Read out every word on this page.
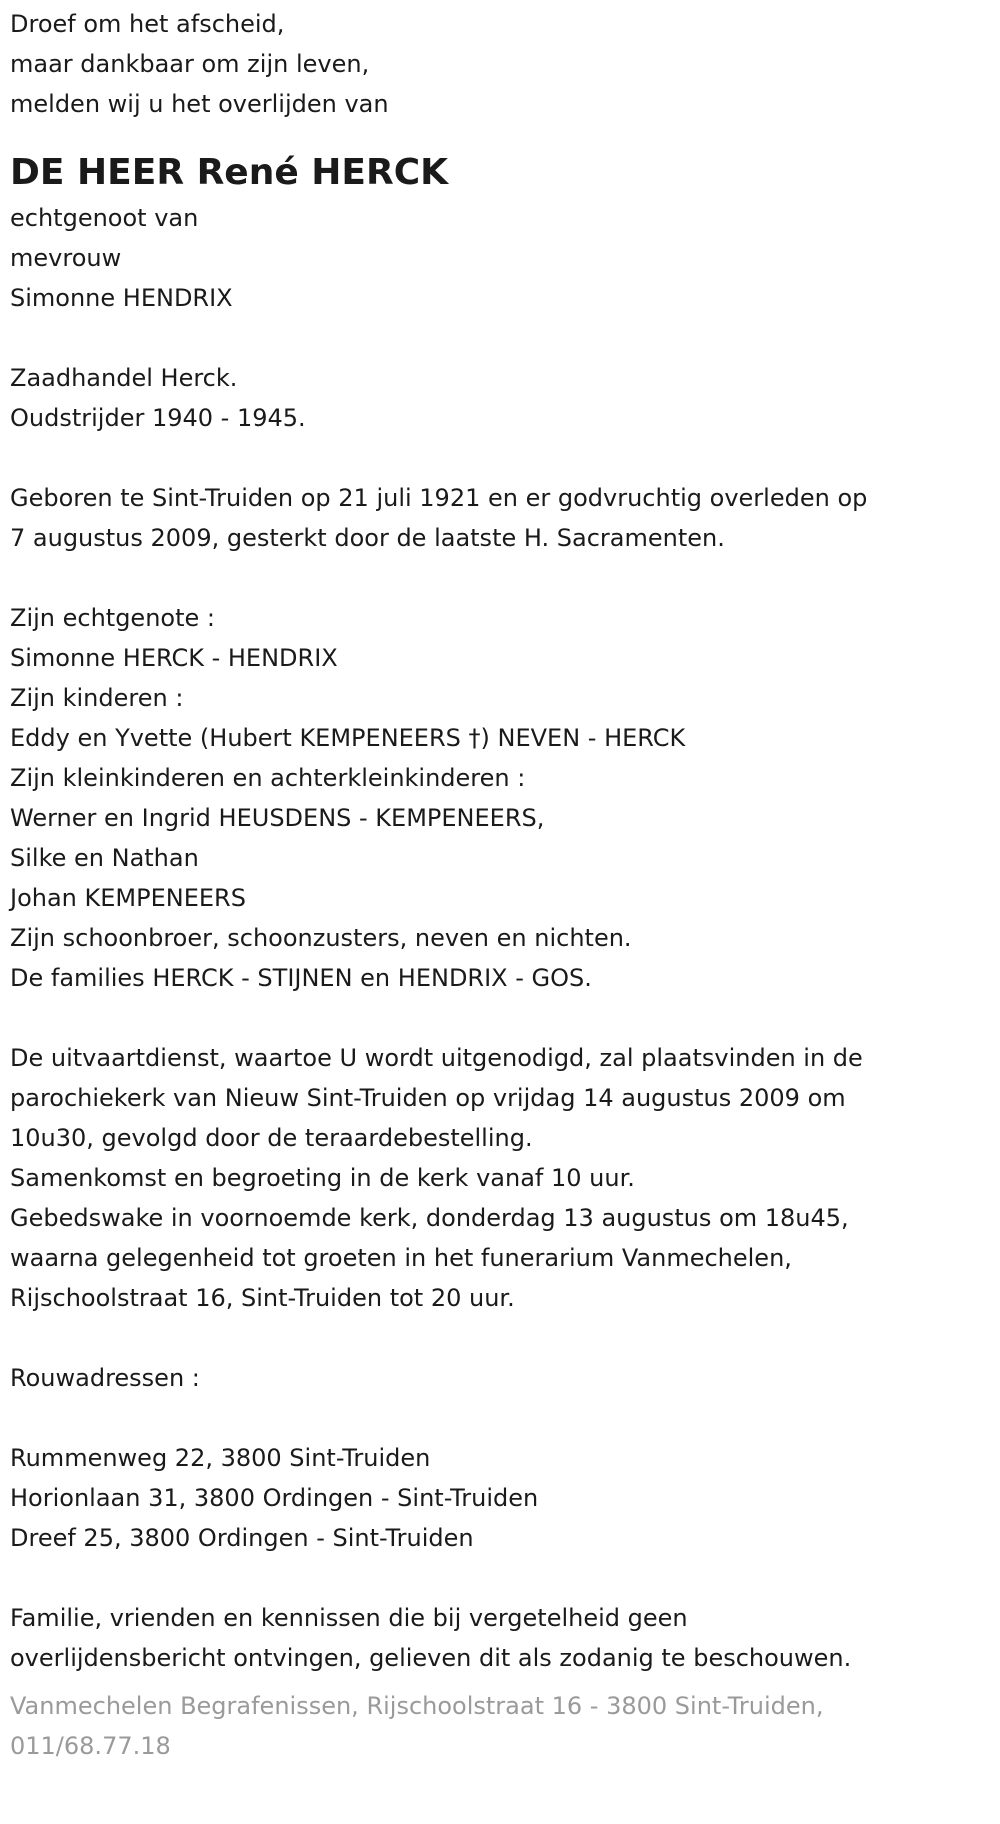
Droef om het afscheid,
maar dankbaar om zijn leven,
melden wij u het overlijden van
DE HEER René HERCK
echtgenoot van
mevrouw
Simonne HENDRIX
Zaadhandel Herck.
Oudstrijder 1940 - 1945.
Geboren te Sint-Truiden op 21 juli 1921 en er godvruchtig overleden op
7 augustus 2009, gesterkt door de laatste H. Sacramenten.
Zijn echtgenote :
Simonne HERCK - HENDRIX
Zijn kinderen :
Eddy en Yvette (Hubert KEMPENEERS †) NEVEN - HERCK
Zijn kleinkinderen en achterkleinkinderen :
Werner en Ingrid HEUSDENS - KEMPENEERS,
Silke en Nathan
Johan KEMPENEERS
Zijn schoonbroer, schoonzusters, neven en nichten.
De families HERCK - STIJNEN en HENDRIX - GOS.
De uitvaartdienst, waartoe U wordt uitgenodigd, zal plaatsvinden in de
parochiekerk van Nieuw Sint-Truiden op vrijdag 14 augustus 2009 om
10u30, gevolgd door de teraardebestelling.
Samenkomst en begroeting in de kerk vanaf 10 uur.
Gebedswake in voornoemde kerk, donderdag 13 augustus om 18u45,
waarna gelegenheid tot groeten in het funerarium Vanmechelen,
Rijschoolstraat 16, Sint-Truiden tot 20 uur.
Rouwadressen :
Rummenweg 22, 3800 Sint-Truiden
Horionlaan 31, 3800 Ordingen - Sint-Truiden
Dreef 25, 3800 Ordingen - Sint-Truiden
Familie, vrienden en kennissen die bij vergetelheid geen
overlijdensbericht ontvingen, gelieven dit als zodanig te beschouwen.
Vanmechelen Begrafenissen, Rijschoolstraat 16 - 3800 Sint-Truiden,
011/68.77.18
